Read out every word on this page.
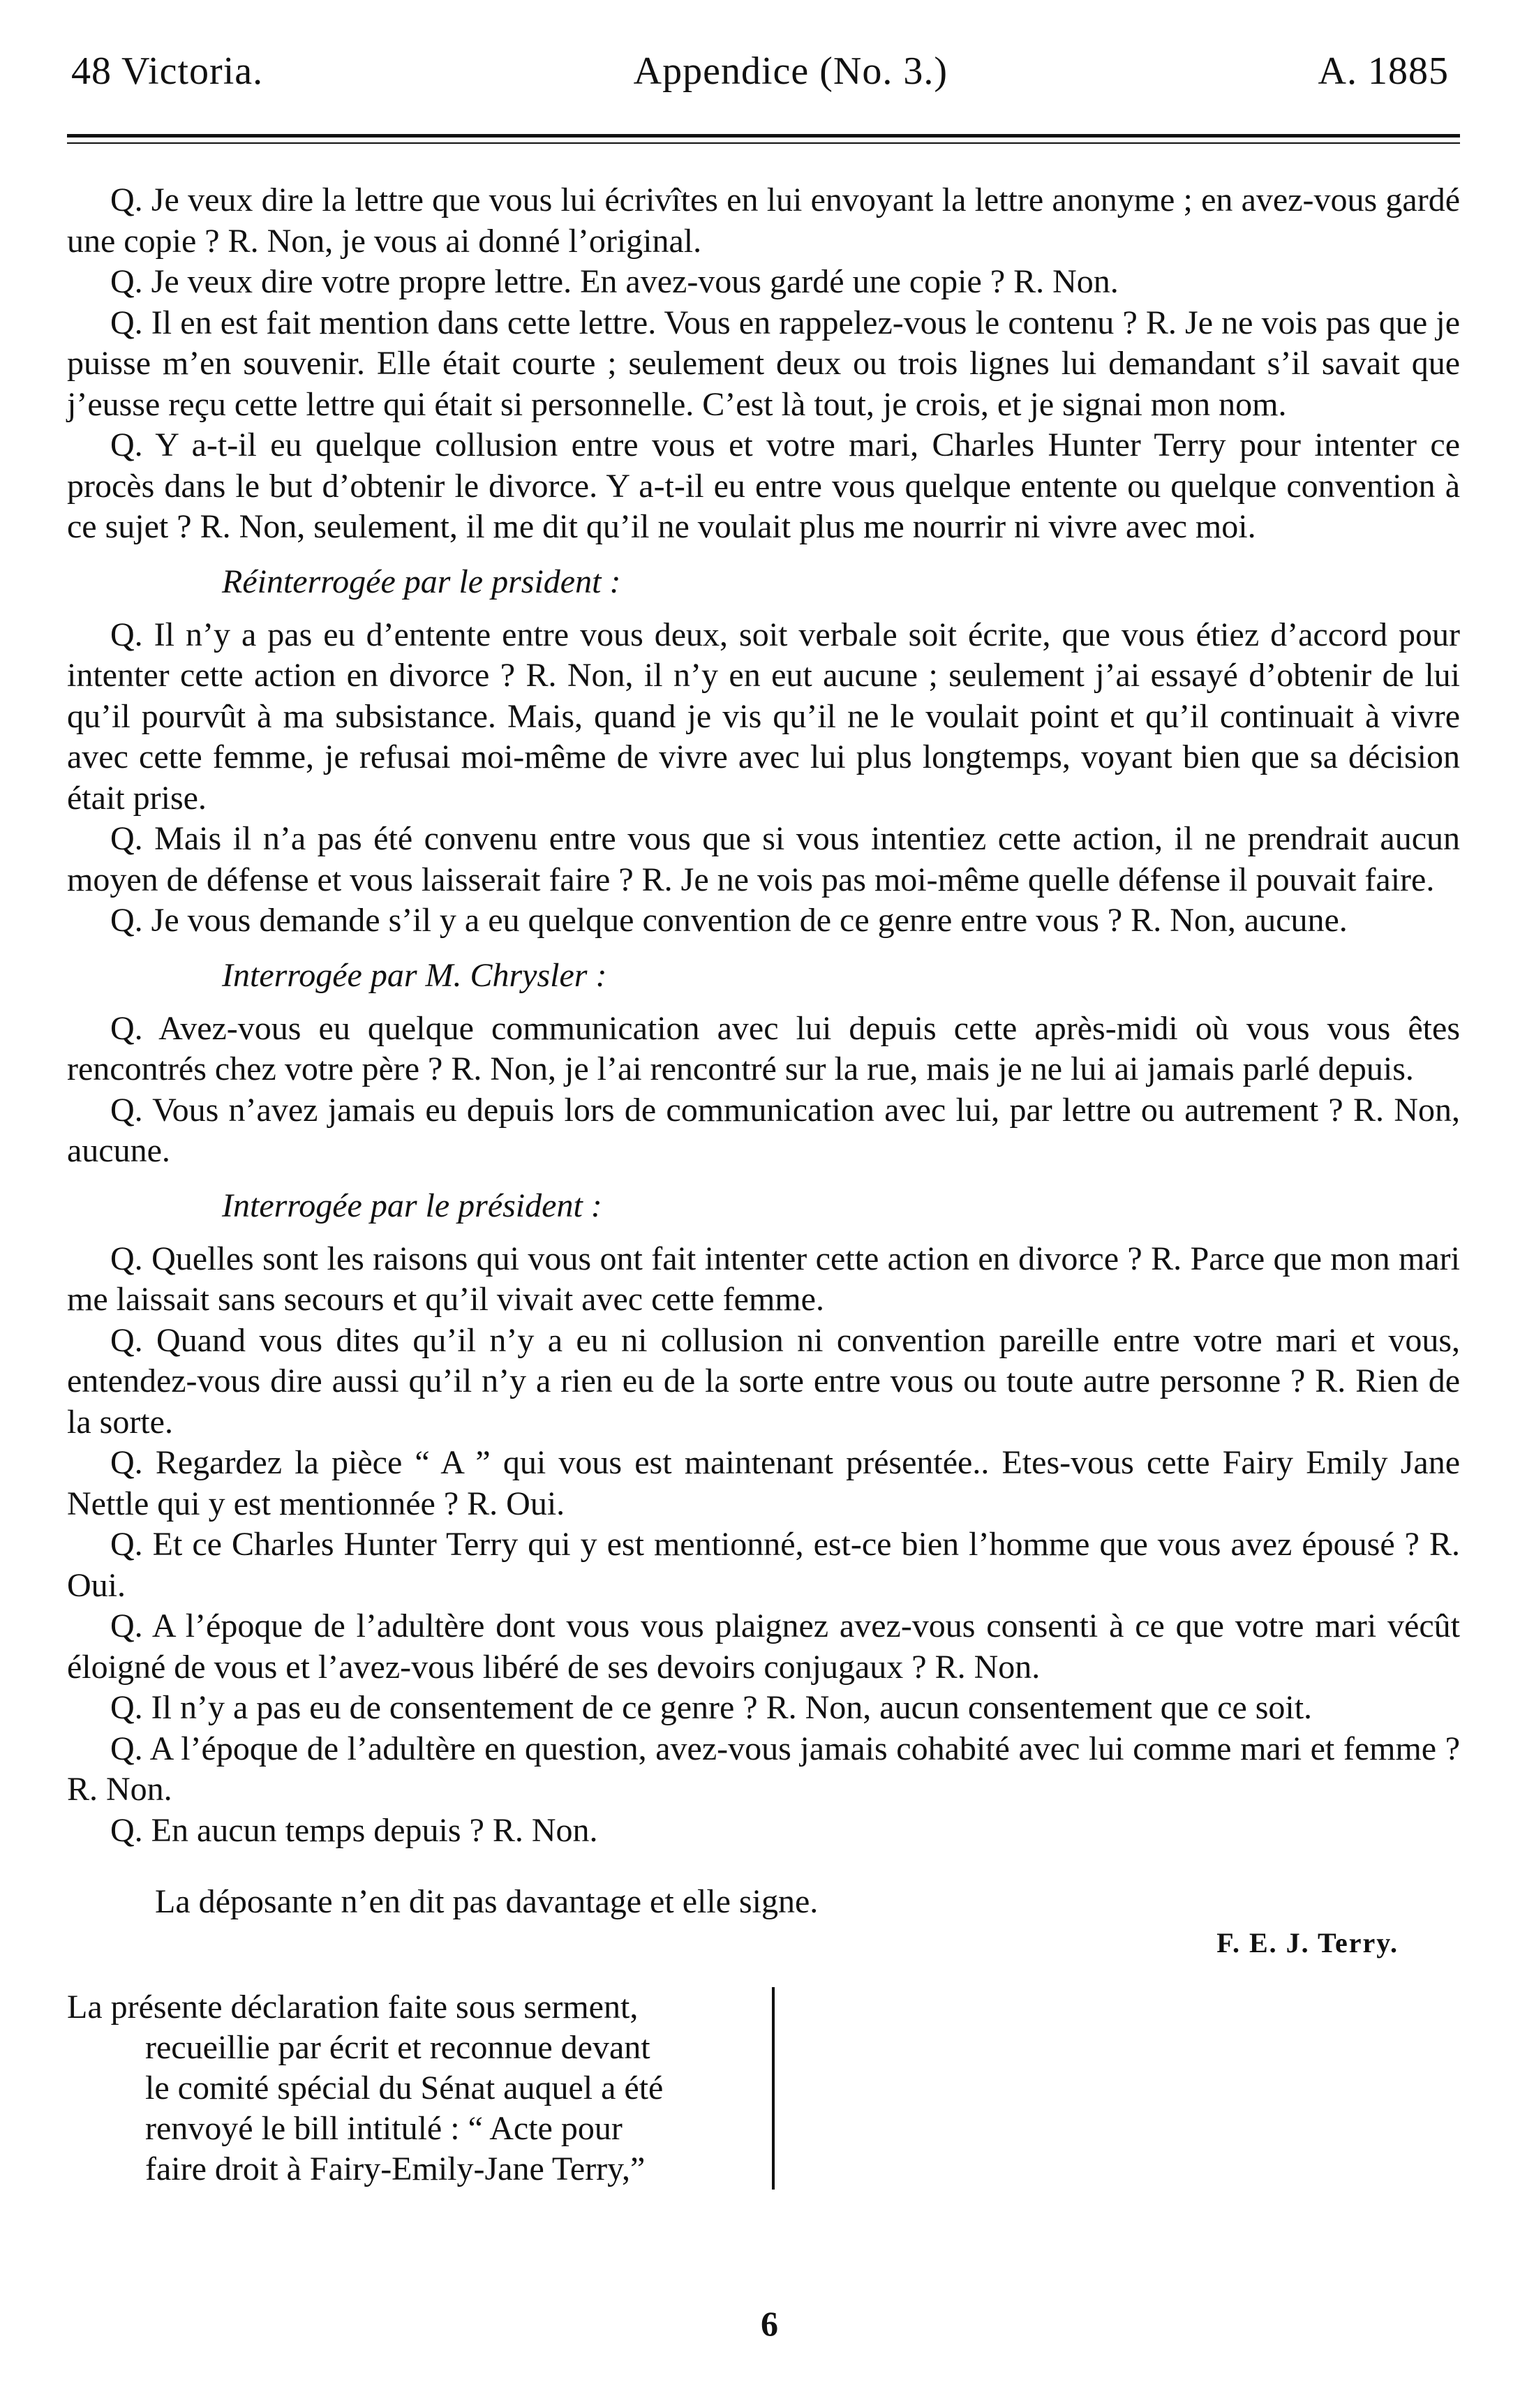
48 Victoria.	Appendice (No. 3.)	A. 1885

Q. Je veux dire la lettre que vous lui écrivîtes en lui envoyant la lettre anonyme ; en avez-vous gardé une copie ? R. Non, je vous ai donné l’original.

Q. Je veux dire votre propre lettre. En avez-vous gardé une copie ? R. Non.

Q. Il en est fait mention dans cette lettre. Vous en rappelez-vous le contenu ? R. Je ne vois pas que je puisse m’en souvenir. Elle était courte ; seulement deux ou trois lignes lui demandant s’il savait que j’eusse reçu cette lettre qui était si personnelle. C’est là tout, je crois, et je signai mon nom.

Q. Y a-t-il eu quelque collusion entre vous et votre mari, Charles Hunter Terry pour intenter ce procès dans le but d’obtenir le divorce. Y a-t-il eu entre vous quelque entente ou quelque convention à ce sujet ? R. Non, seulement, il me dit qu’il ne voulait plus me nourrir ni vivre avec moi.

Réinterrogée par le prsident :

Q. Il n’y a pas eu d’entente entre vous deux, soit verbale soit écrite, que vous étiez d’accord pour intenter cette action en divorce ? R. Non, il n’y en eut aucune ; seulement j’ai essayé d’obtenir de lui qu’il pourvût à ma subsistance. Mais, quand je vis qu’il ne le voulait point et qu’il continuait à vivre avec cette femme, je refusai moi-même de vivre avec lui plus longtemps, voyant bien que sa décision était prise.

Q. Mais il n’a pas été convenu entre vous que si vous intentiez cette action, il ne prendrait aucun moyen de défense et vous laisserait faire ? R. Je ne vois pas moi-même quelle défense il pouvait faire.

Q. Je vous demande s’il y a eu quelque convention de ce genre entre vous ? R. Non, aucune.

Interrogée par M. Chrysler :

Q. Avez-vous eu quelque communication avec lui depuis cette après-midi où vous vous êtes rencontrés chez votre père ? R. Non, je l’ai rencontré sur la rue, mais je ne lui ai jamais parlé depuis.

Q. Vous n’avez jamais eu depuis lors de communication avec lui, par lettre ou autrement ? R. Non, aucune.

Interrogée par le président :

Q. Quelles sont les raisons qui vous ont fait intenter cette action en divorce ? R. Parce que mon mari me laissait sans secours et qu’il vivait avec cette femme.

Q. Quand vous dites qu’il n’y a eu ni collusion ni convention pareille entre votre mari et vous, entendez-vous dire aussi qu’il n’y a rien eu de la sorte entre vous ou toute autre personne ? R. Rien de la sorte.

Q. Regardez la pièce “ A ” qui vous est maintenant présentée.. Etes-vous cette Fairy Emily Jane Nettle qui y est mentionnée ? R. Oui.

Q. Et ce Charles Hunter Terry qui y est mentionné, est-ce bien l’homme que vous avez épousé ? R. Oui.

Q. A l’époque de l’adultère dont vous vous plaignez avez-vous consenti à ce que votre mari vécût éloigné de vous et l’avez-vous libéré de ses devoirs conjugaux ? R. Non.

Q. Il n’y a pas eu de consentement de ce genre ? R. Non, aucun consentement que ce soit.

Q. A l’époque de l’adultère en question, avez-vous jamais cohabité avec lui comme mari et femme ? R. Non.

Q. En aucun temps depuis ? R. Non.

La déposante n’en dit pas davantage et elle signe.
F. E. J. Terry.
La présente déclaration faite sous serment,
recueillie par écrit et reconnue devant
le comité spécial du Sénat auquel a été
renvoyé le bill intitulé : “ Acte pour
faire droit à Fairy-Emily-Jane Terry,”
6
